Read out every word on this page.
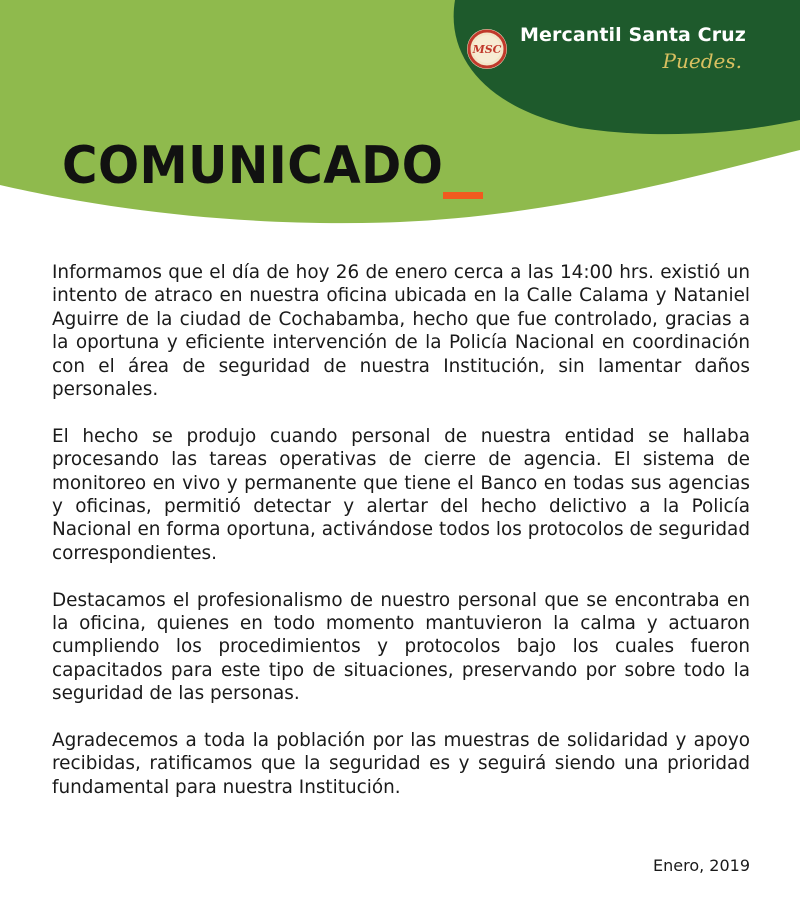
MSC
Mercantil Santa Cruz
Puedes.
COMUNICADO

Informamos que el día de hoy 26 de enero cerca a las 14:00 hrs. existió un intento de atraco en nuestra oficina ubicada en la Calle Calama y Nataniel Aguirre de la ciudad de Cochabamba, hecho que fue controlado, gracias a la oportuna y eficiente intervención de la Policía Nacional en coordinación con el área de seguridad de nuestra Institución, sin lamentar daños personales.

El hecho se produjo cuando personal de nuestra entidad se hallaba procesando las tareas operativas de cierre de agencia. El sistema de monitoreo en vivo y permanente que tiene el Banco en todas sus agencias y oficinas, permitió detectar y alertar del hecho delictivo a la Policía Nacional en forma oportuna, activándose todos los protocolos de seguridad correspondientes.

Destacamos el profesionalismo de nuestro personal que se encontraba en la oficina, quienes en todo momento mantuvieron la calma y actuaron cumpliendo los procedimientos y protocolos bajo los cuales fueron capacitados para este tipo de situaciones, preservando por sobre todo la seguridad de las personas.

Agradecemos a toda la población por las muestras de solidaridad y apoyo recibidas, ratificamos que la seguridad es y seguirá siendo una prioridad fundamental para nuestra Institución.

Enero, 2019
